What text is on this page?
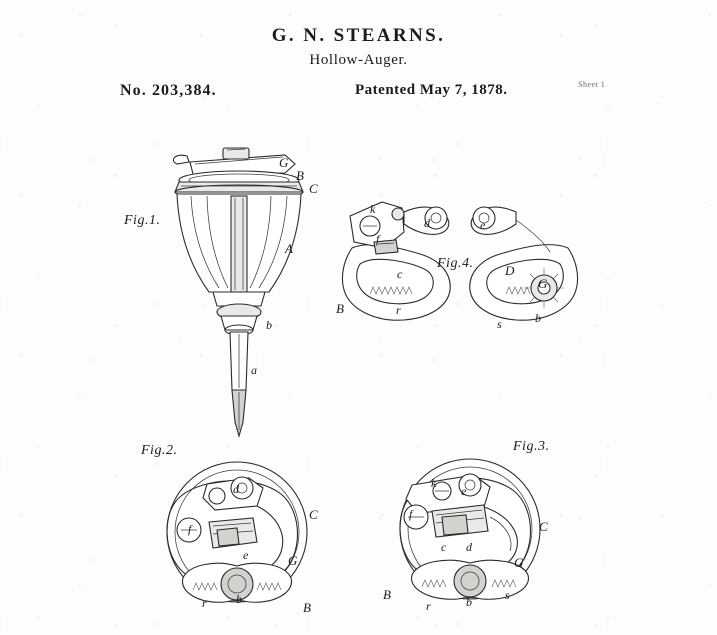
G. N. STEARNS.
Hollow-Auger.
No. 203,384.	Patented May 7, 1878.	Sheet 1
Fig.1.
B
C
G
A
b
a
Fig.4.
k
f
d	e
c	D
G
B	r
b
s
Fig.2.
d
C
f
e	G
b
r	B
Fig.3.
k
e
f
d
c
G
C
B	b
r
s
